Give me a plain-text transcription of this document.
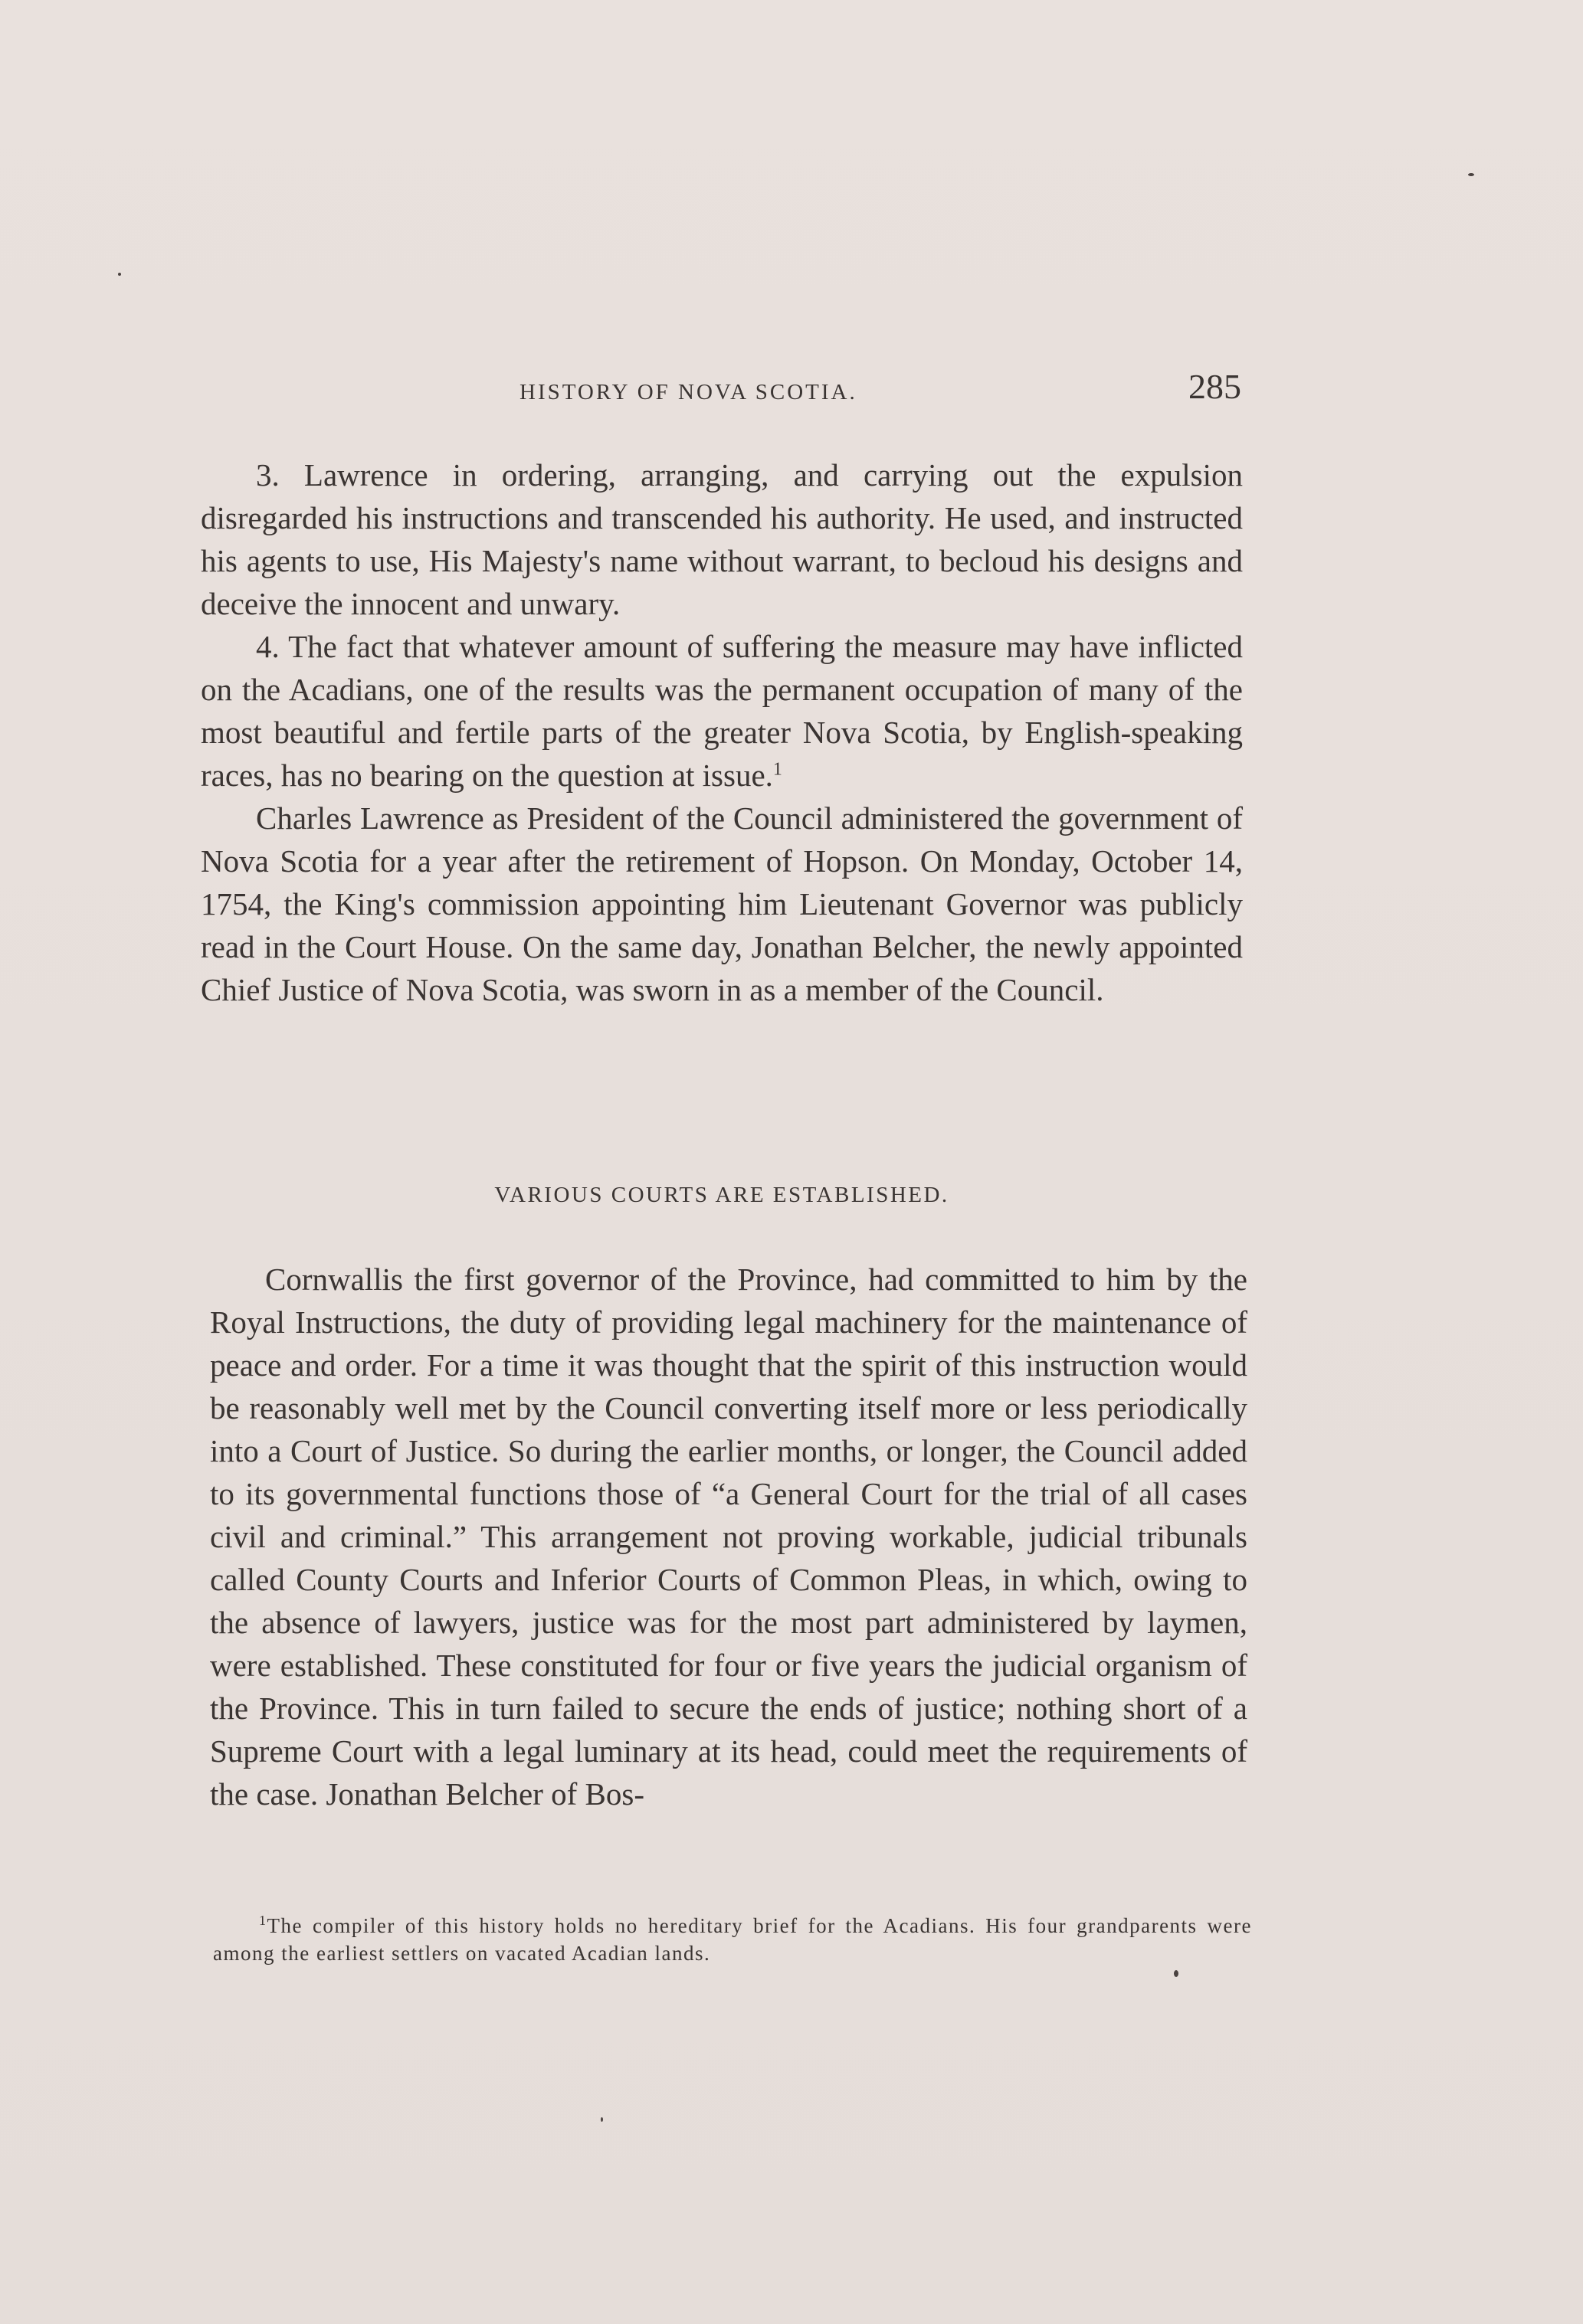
HISTORY OF NOVA SCOTIA.	285

3. Lawrence in ordering, arranging, and carrying out the expulsion disregarded his instructions and transcended his authority. He used, and instructed his agents to use, His Majesty's name without warrant, to becloud his designs and deceive the innocent and unwary.

4. The fact that whatever amount of suffering the measure may have inflicted on the Acadians, one of the results was the permanent occupation of many of the most beautiful and fertile parts of the greater Nova Scotia, by English-speaking races, has no bearing on the question at issue.$^1$

Charles Lawrence as President of the Council administered the government of Nova Scotia for a year after the retirement of Hopson. On Monday, October 14, 1754, the King's commission appointing him Lieutenant Governor was publicly read in the Court House. On the same day, Jonathan Belcher, the newly appointed Chief Justice of Nova Scotia, was sworn in as a member of the Council.

VARIOUS COURTS ARE ESTABLISHED.

Cornwallis the first governor of the Province, had committed to him by the Royal Instructions, the duty of providing legal machinery for the maintenance of peace and order. For a time it was thought that the spirit of this instruction would be reasonably well met by the Council converting itself more or less periodically into a Court of Justice. So during the earlier months, or longer, the Council added to its governmental functions those of “a General Court for the trial of all cases civil and criminal.” This arrangement not proving workable, judicial tribunals called County Courts and Inferior Courts of Common Pleas, in which, owing to the absence of lawyers, justice was for the most part administered by laymen, were established. These constituted for four or five years the judicial organism of the Province. This in turn failed to secure the ends of justice; nothing short of a Supreme Court with a legal luminary at its head, could meet the requirements of the case. Jonathan Belcher of Bos-

$^1$The compiler of this history holds no hereditary brief for the Acadians. His four grandparents were among the earliest settlers on vacated Acadian lands.
